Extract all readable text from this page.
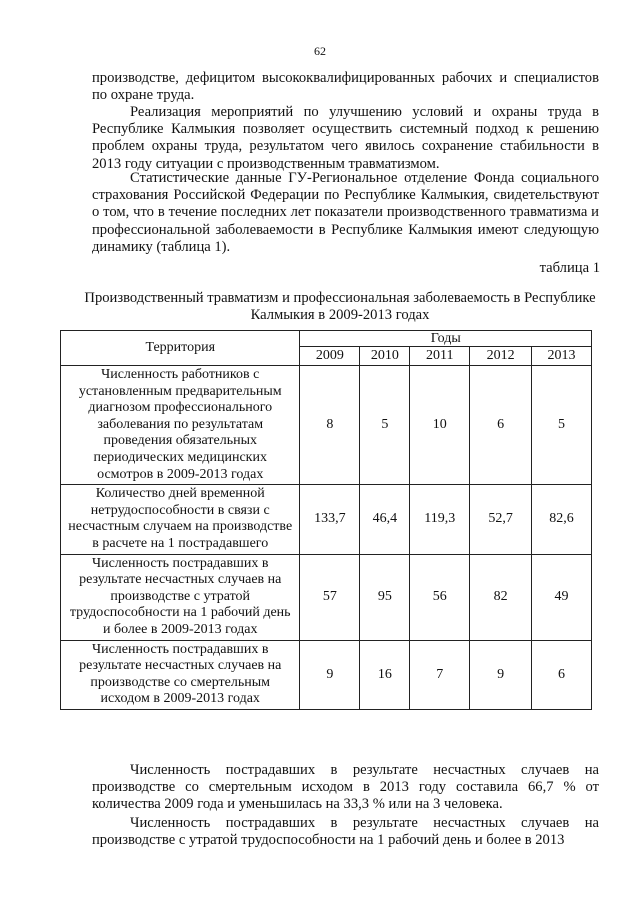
62
производстве, дефицитом высококвалифицированных рабочих и специалистов по охране труда.
Реализация мероприятий по улучшению условий и охраны труда в Республике Калмыкия позволяет осуществить системный подход к решению проблем охраны труда, результатом чего явилось сохранение стабильности в 2013 году ситуации с производственным травматизмом.
Статистические данные ГУ-Региональное отделение Фонда социального страхования Российской Федерации по Республике Калмыкия, свидетельствуют о том, что в течение последних лет показатели производственного травматизма и профессиональной заболеваемости в Республике Калмыкия имеют следующую динамику (таблица 1).
таблица 1
Производственный травматизм и профессиональная заболеваемость в Республике Калмыкия в 2009-2013 годах
Территория	Годы				
	2009	2010	2011	2012	2013
Численность работников с установленным предварительным диагнозом профессионального заболевания по результатам проведения обязательных периодических медицинских осмотров в 2009-2013 годах	8	5	10	6	5
Количество дней временной нетрудоспособности в связи с несчастным случаем на производстве в расчете на 1 пострадавшего	133,7	46,4	119,3	52,7	82,6
Численность пострадавших в результате несчастных случаев на производстве с утратой трудоспособности на 1 рабочий день и более в 2009-2013 годах	57	95	56	82	49
Численность пострадавших в результате несчастных случаев на производстве со смертельным исходом в 2009-2013 годах	9	16	7	9	6
Численность пострадавших в результате несчастных случаев на производстве со смертельным исходом в 2013 году составила 66,7 % от количества 2009 года и уменьшилась на 33,3 % или на 3 человека.
Численность пострадавших в результате несчастных случаев на производстве с утратой трудоспособности на 1 рабочий день и более в 2013
